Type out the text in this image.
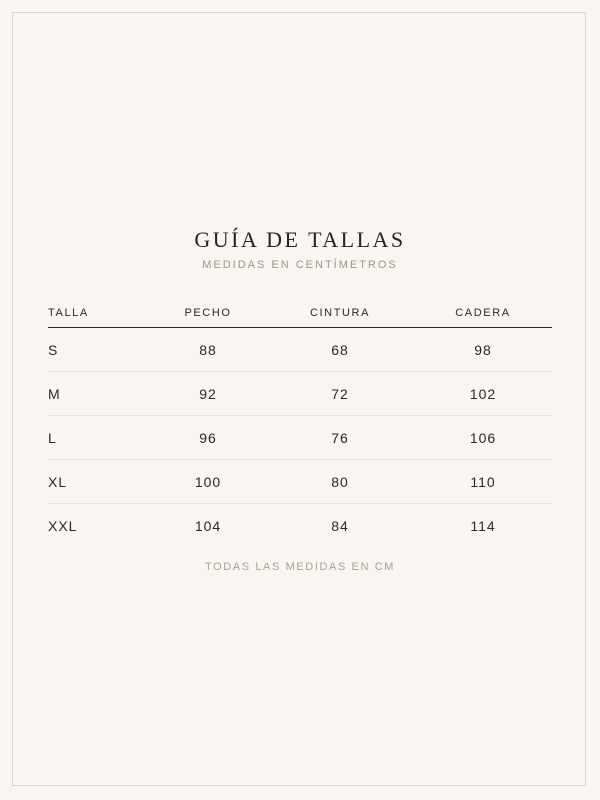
GUÍA DE TALLAS
MEDIDAS EN CENTÍMETROS
TALLA	PECHO	CINTURA	CADERA
S	88	68	98
M	92	72	102
L	96	76	106
XL	100	80	110
XXL	104	84	114
TODAS LAS MEDIDAS EN CM
